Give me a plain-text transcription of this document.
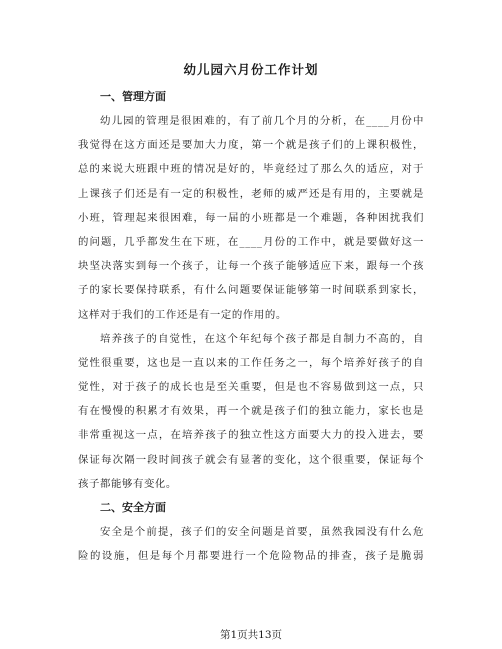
幼儿园六月份工作计划
一、管理方面
幼儿园的管理是很困难的，有了前几个月的分析，在____月份中
我觉得在这方面还是要加大力度，第一个就是孩子们的上课积极性，
总的来说大班跟中班的情况是好的，毕竟经过了那么久的适应，对于
上课孩子们还是有一定的积极性，老师的威严还是有用的，主要就是
小班，管理起来很困难，每一届的小班都是一个难题，各种困扰我们
的问题，几乎都发生在下班，在____月份的工作中，就是要做好这一
块坚决落实到每一个孩子，让每一个孩子能够适应下来，跟每一个孩
子的家长要保持联系，有什么问题要保证能够第一时间联系到家长，
这样对于我们的工作还是有一定的作用的。
培养孩子的自觉性，在这个年纪每个孩子都是自制力不高的，自
觉性很重要，这也是一直以来的工作任务之一，每个培养好孩子的自
觉性，对于孩子的成长也是至关重要，但是也不容易做到这一点，只
有在慢慢的积累才有效果，再一个就是孩子们的独立能力，家长也是
非常重视这一点，在培养孩子的独立性这方面要大力的投入进去，要
保证每次隔一段时间孩子就会有显著的变化，这个很重要，保证每个
孩子都能够有变化。
二、安全方面
安全是个前提，孩子们的安全问题是首要，虽然我园没有什么危
险的设施，但是每个月都要进行一个危险物品的排查，孩子是脆弱
第1页共13页
